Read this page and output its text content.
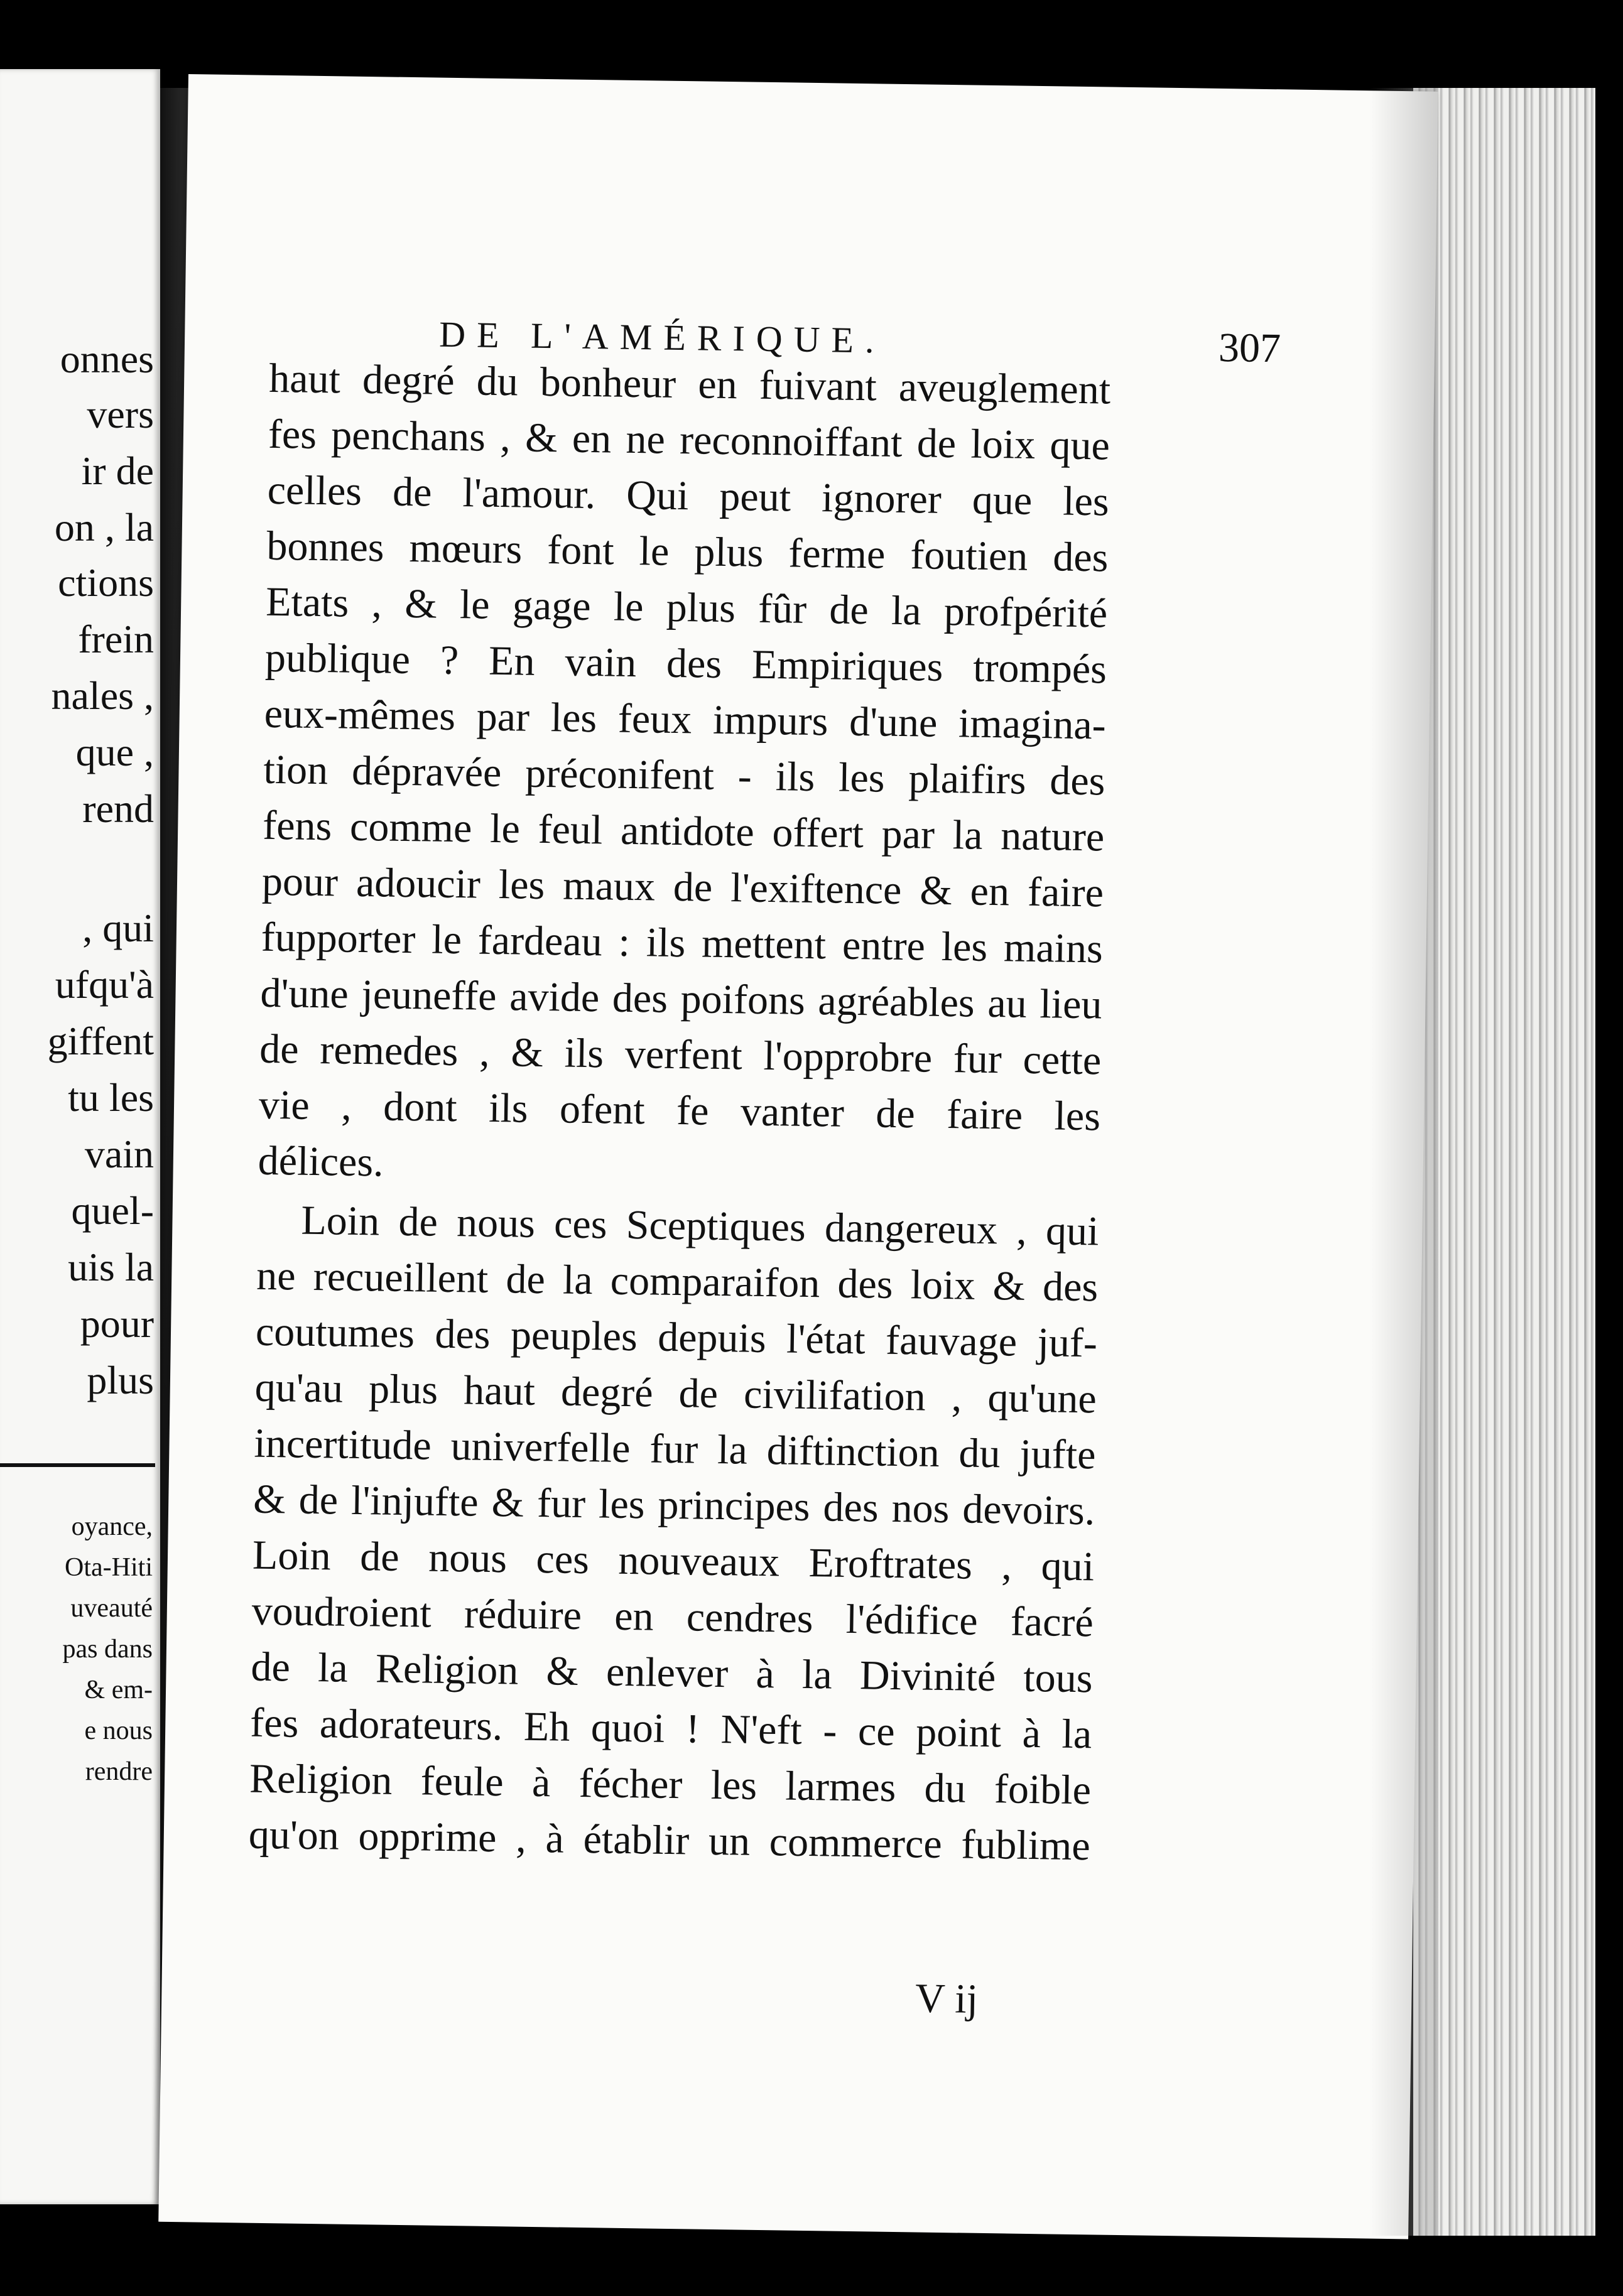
onnes
vers
ir de
on , la
ctions
frein
nales ,
que ,
rend
, qui
ufqu'à
giffent
tu les
vain
quel-
uis la
pour
plus
oyance,
Ota-Hiti
uveauté
pas dans
& em-
e nous
rendre
DE L'AMÉRIQUE.	307
haut degré du bonheur en fuivant aveuglement
fes penchans , & en ne reconnoiffant de loix que
celles de l'amour. Qui peut ignorer que les
bonnes mœurs font le plus ferme foutien des
Etats , & le gage le plus fûr de la profpérité
publique ? En vain des Empiriques trompés
eux-mêmes par les feux impurs d'une imagina-
tion dépravée préconifent - ils les plaifirs des
fens comme le feul antidote offert par la nature
pour adoucir les maux de l'exiftence & en faire
fupporter le fardeau : ils mettent entre les mains
d'une jeuneffe avide des poifons agréables au lieu
de remedes , & ils verfent l'opprobre fur cette
vie , dont ils ofent fe vanter de faire les
délices.
Loin de nous ces Sceptiques dangereux , qui
ne recueillent de la comparaifon des loix & des
coutumes des peuples depuis l'état fauvage juf-
qu'au plus haut degré de civilifation , qu'une
incertitude univerfelle fur la diftinction du jufte
& de l'injufte & fur les principes des nos devoirs.
Loin de nous ces nouveaux Eroftrates , qui
voudroient réduire en cendres l'édifice facré
de la Religion & enlever à la Divinité tous
fes adorateurs. Eh quoi ! N'eft - ce point à la
Religion feule à fécher les larmes du foible
qu'on opprime , à établir un commerce fublime
V ij
